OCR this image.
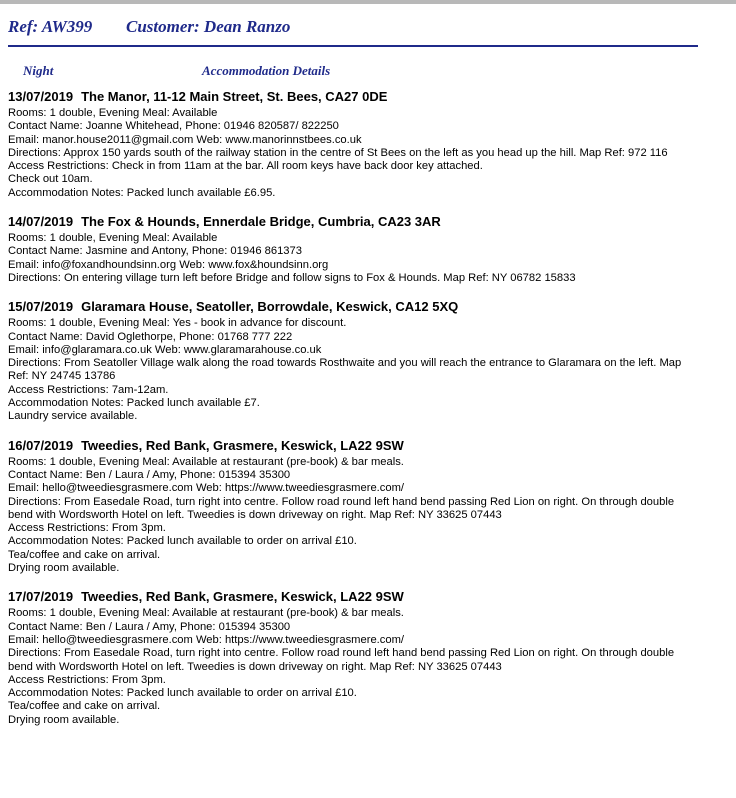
Ref: AW399 Customer: Dean Ranzo
Night	Accommodation Details
13/07/2019 The Manor, 11-12 Main Street, St. Bees, CA27 0DE
Rooms: 1 double, Evening Meal: Available
Contact Name: Joanne Whitehead, Phone: 01946 820587/ 822250
Email: manor.house2011@gmail.com Web: www.manorinnstbees.co.uk
Directions: Approx 150 yards south of the railway station in the centre of St Bees on the left as you head up the hill. Map Ref: 972 116
Access Restrictions: Check in from 11am at the bar. All room keys have back door key attached.
Check out 10am.
Accommodation Notes: Packed lunch available £6.95.
14/07/2019 The Fox & Hounds, Ennerdale Bridge, Cumbria, CA23 3AR
Rooms: 1 double, Evening Meal: Available
Contact Name: Jasmine and Antony, Phone: 01946 861373
Email: info@foxandhoundsinn.org Web: www.fox&houndsinn.org
Directions: On entering village turn left before Bridge and follow signs to Fox & Hounds. Map Ref: NY 06782 15833
15/07/2019 Glaramara House, Seatoller, Borrowdale, Keswick, CA12 5XQ
Rooms: 1 double, Evening Meal: Yes - book in advance for discount.
Contact Name: David Oglethorpe, Phone: 01768 777 222
Email: info@glaramara.co.uk Web: www.glaramarahouse.co.uk
Directions: From Seatoller Village walk along the road towards Rosthwaite and you will reach the entrance to Glaramara on the left. Map Ref: NY 24745 13786
Access Restrictions: 7am-12am.
Accommodation Notes: Packed lunch available £7.
Laundry service available.
16/07/2019 Tweedies, Red Bank, Grasmere, Keswick, LA22 9SW
Rooms: 1 double, Evening Meal: Available at restaurant (pre-book) & bar meals.
Contact Name: Ben / Laura / Amy, Phone: 015394 35300
Email: hello@tweediesgrasmere.com Web: https://www.tweediesgrasmere.com/
Directions: From Easedale Road, turn right into centre. Follow road round left hand bend passing Red Lion on right. On through double bend with Wordsworth Hotel on left. Tweedies is down driveway on right. Map Ref: NY 33625 07443
Access Restrictions: From 3pm.
Accommodation Notes: Packed lunch available to order on arrival £10.
Tea/coffee and cake on arrival.
Drying room available.
17/07/2019 Tweedies, Red Bank, Grasmere, Keswick, LA22 9SW
Rooms: 1 double, Evening Meal: Available at restaurant (pre-book) & bar meals.
Contact Name: Ben / Laura / Amy, Phone: 015394 35300
Email: hello@tweediesgrasmere.com Web: https://www.tweediesgrasmere.com/
Directions: From Easedale Road, turn right into centre. Follow road round left hand bend passing Red Lion on right. On through double bend with Wordsworth Hotel on left. Tweedies is down driveway on right. Map Ref: NY 33625 07443
Access Restrictions: From 3pm.
Accommodation Notes: Packed lunch available to order on arrival £10.
Tea/coffee and cake on arrival.
Drying room available.
